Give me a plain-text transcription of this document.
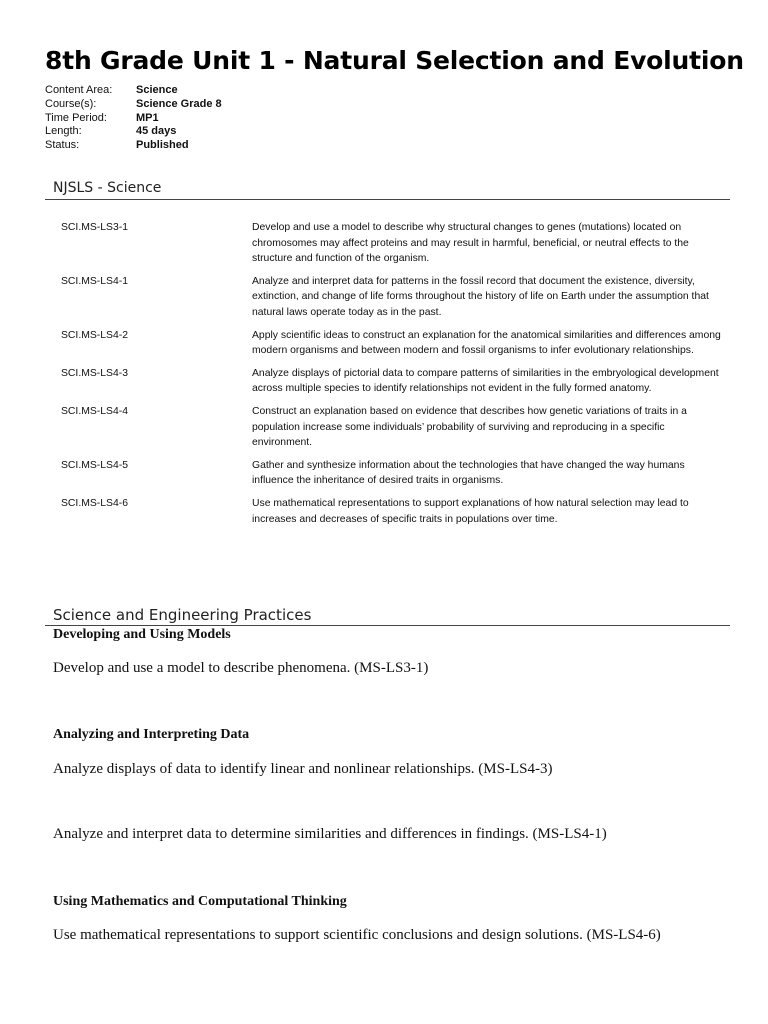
8th Grade Unit 1 - Natural Selection and Evolution
Content Area:	Science
Course(s):	Science Grade 8
Time Period:	MP1
Length:	45 days
Status:	Published
NJSLS - Science
SCI.MS-LS3-1	Develop and use a model to describe why structural changes to genes (mutations) located on chromosomes may affect proteins and may result in harmful, beneficial, or neutral effects to the structure and function of the organism.
SCI.MS-LS4-1	Analyze and interpret data for patterns in the fossil record that document the existence, diversity, extinction, and change of life forms throughout the history of life on Earth under the assumption that natural laws operate today as in the past.
SCI.MS-LS4-2	Apply scientific ideas to construct an explanation for the anatomical similarities and differences among modern organisms and between modern and fossil organisms to infer evolutionary relationships.
SCI.MS-LS4-3	Analyze displays of pictorial data to compare patterns of similarities in the embryological development across multiple species to identify relationships not evident in the fully formed anatomy.
SCI.MS-LS4-4	Construct an explanation based on evidence that describes how genetic variations of traits in a population increase some individuals’ probability of surviving and reproducing in a specific environment.
SCI.MS-LS4-5	Gather and synthesize information about the technologies that have changed the way humans influence the inheritance of desired traits in organisms.
SCI.MS-LS4-6	Use mathematical representations to support explanations of how natural selection may lead to increases and decreases of specific traits in populations over time.
Science and Engineering Practices
Developing and Using Models
Develop and use a model to describe phenomena. (MS-LS3-1)
Analyzing and Interpreting Data
Analyze displays of data to identify linear and nonlinear relationships. (MS-LS4-3)
Analyze and interpret data to determine similarities and differences in findings. (MS-LS4-1)
Using Mathematics and Computational Thinking
Use mathematical representations to support scientific conclusions and design solutions. (MS-LS4-6)
